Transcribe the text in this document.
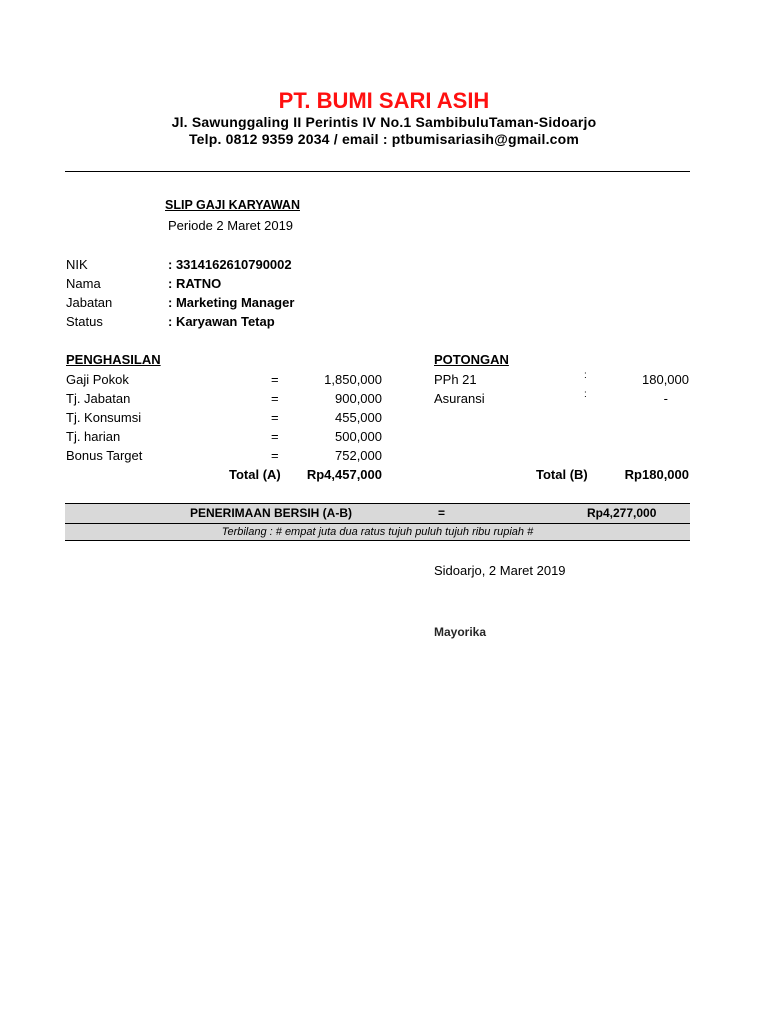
PT. BUMI SARI ASIH
Jl. Sawunggaling II Perintis IV No.1 SambibuluTaman-Sidoarjo
Telp. 0812 9359 2034 / email : ptbumisariasih@gmail.com
SLIP GAJI KARYAWAN
Periode 2 Maret 2019
NIK	: 3314162610790002
Nama	: RATNO
Jabatan	: Marketing Manager
Status	: Karyawan Tetap
PENGHASILAN
Gaji Pokok	=	1,850,000
Tj. Jabatan	=	900,000
Tj. Konsumsi	=	455,000
Tj. harian	=	500,000
Bonus Target	=	752,000
Total (A)	Rp4,457,000
POTONGAN
PPh 21	:	180,000
Asuransi	:	-
Total (B)	Rp180,000
PENERIMAAN BERSIH (A-B)	=	Rp4,277,000
Terbilang : # empat juta dua ratus tujuh puluh tujuh ribu rupiah #
Sidoarjo, 2 Maret 2019
Mayorika
